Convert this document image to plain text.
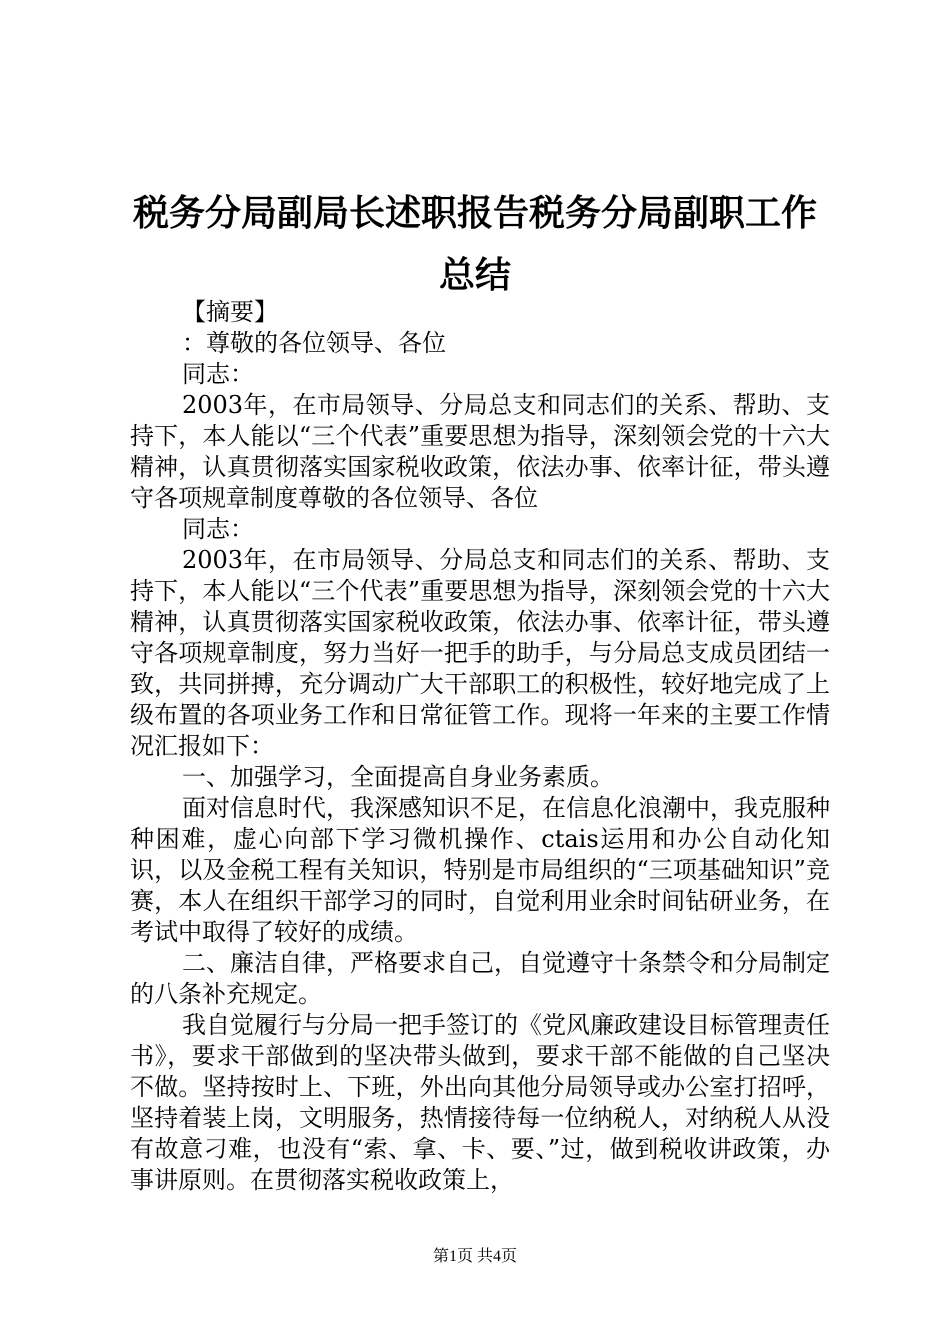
税务分局副局长述职报告税务分局副职工作总结

【摘要】

：尊敬的各位领导、各位

同志：

2003年，在市局领导、分局总支和同志们的关系、帮助、支持下，本人能以“三个代表”重要思想为指导，深刻领会党的十六大精神，认真贯彻落实国家税收政策，依法办事、依率计征，带头遵守各项规章制度尊敬的各位领导、各位

同志：

2003年，在市局领导、分局总支和同志们的关系、帮助、支持下，本人能以“三个代表”重要思想为指导，深刻领会党的十六大精神，认真贯彻落实国家税收政策，依法办事、依率计征，带头遵守各项规章制度，努力当好一把手的助手，与分局总支成员团结一致，共同拼搏，充分调动广大干部职工的积极性，较好地完成了上级布置的各项业务工作和日常征管工作。现将一年来的主要工作情况汇报如下：

一、加强学习，全面提高自身业务素质。

面对信息时代，我深感知识不足，在信息化浪潮中，我克服种种困难，虚心向部下学习微机操作、ctais运用和办公自动化知识，以及金税工程有关知识，特别是市局组织的“三项基础知识”竞赛，本人在组织干部学习的同时，自觉利用业余时间钻研业务，在考试中取得了较好的成绩。

二、廉洁自律，严格要求自己，自觉遵守十条禁令和分局制定的八条补充规定。

我自觉履行与分局一把手签订的《党风廉政建设目标管理责任书》，要求干部做到的坚决带头做到，要求干部不能做的自己坚决不做。坚持按时上、下班，外出向其他分局领导或办公室打招呼，坚持着装上岗，文明服务，热情接待每一位纳税人，对纳税人从没有故意刁难，也没有“索、拿、卡、要、”过，做到税收讲政策，办事讲原则。在贯彻落实税收政策上，

第1页 共4页
